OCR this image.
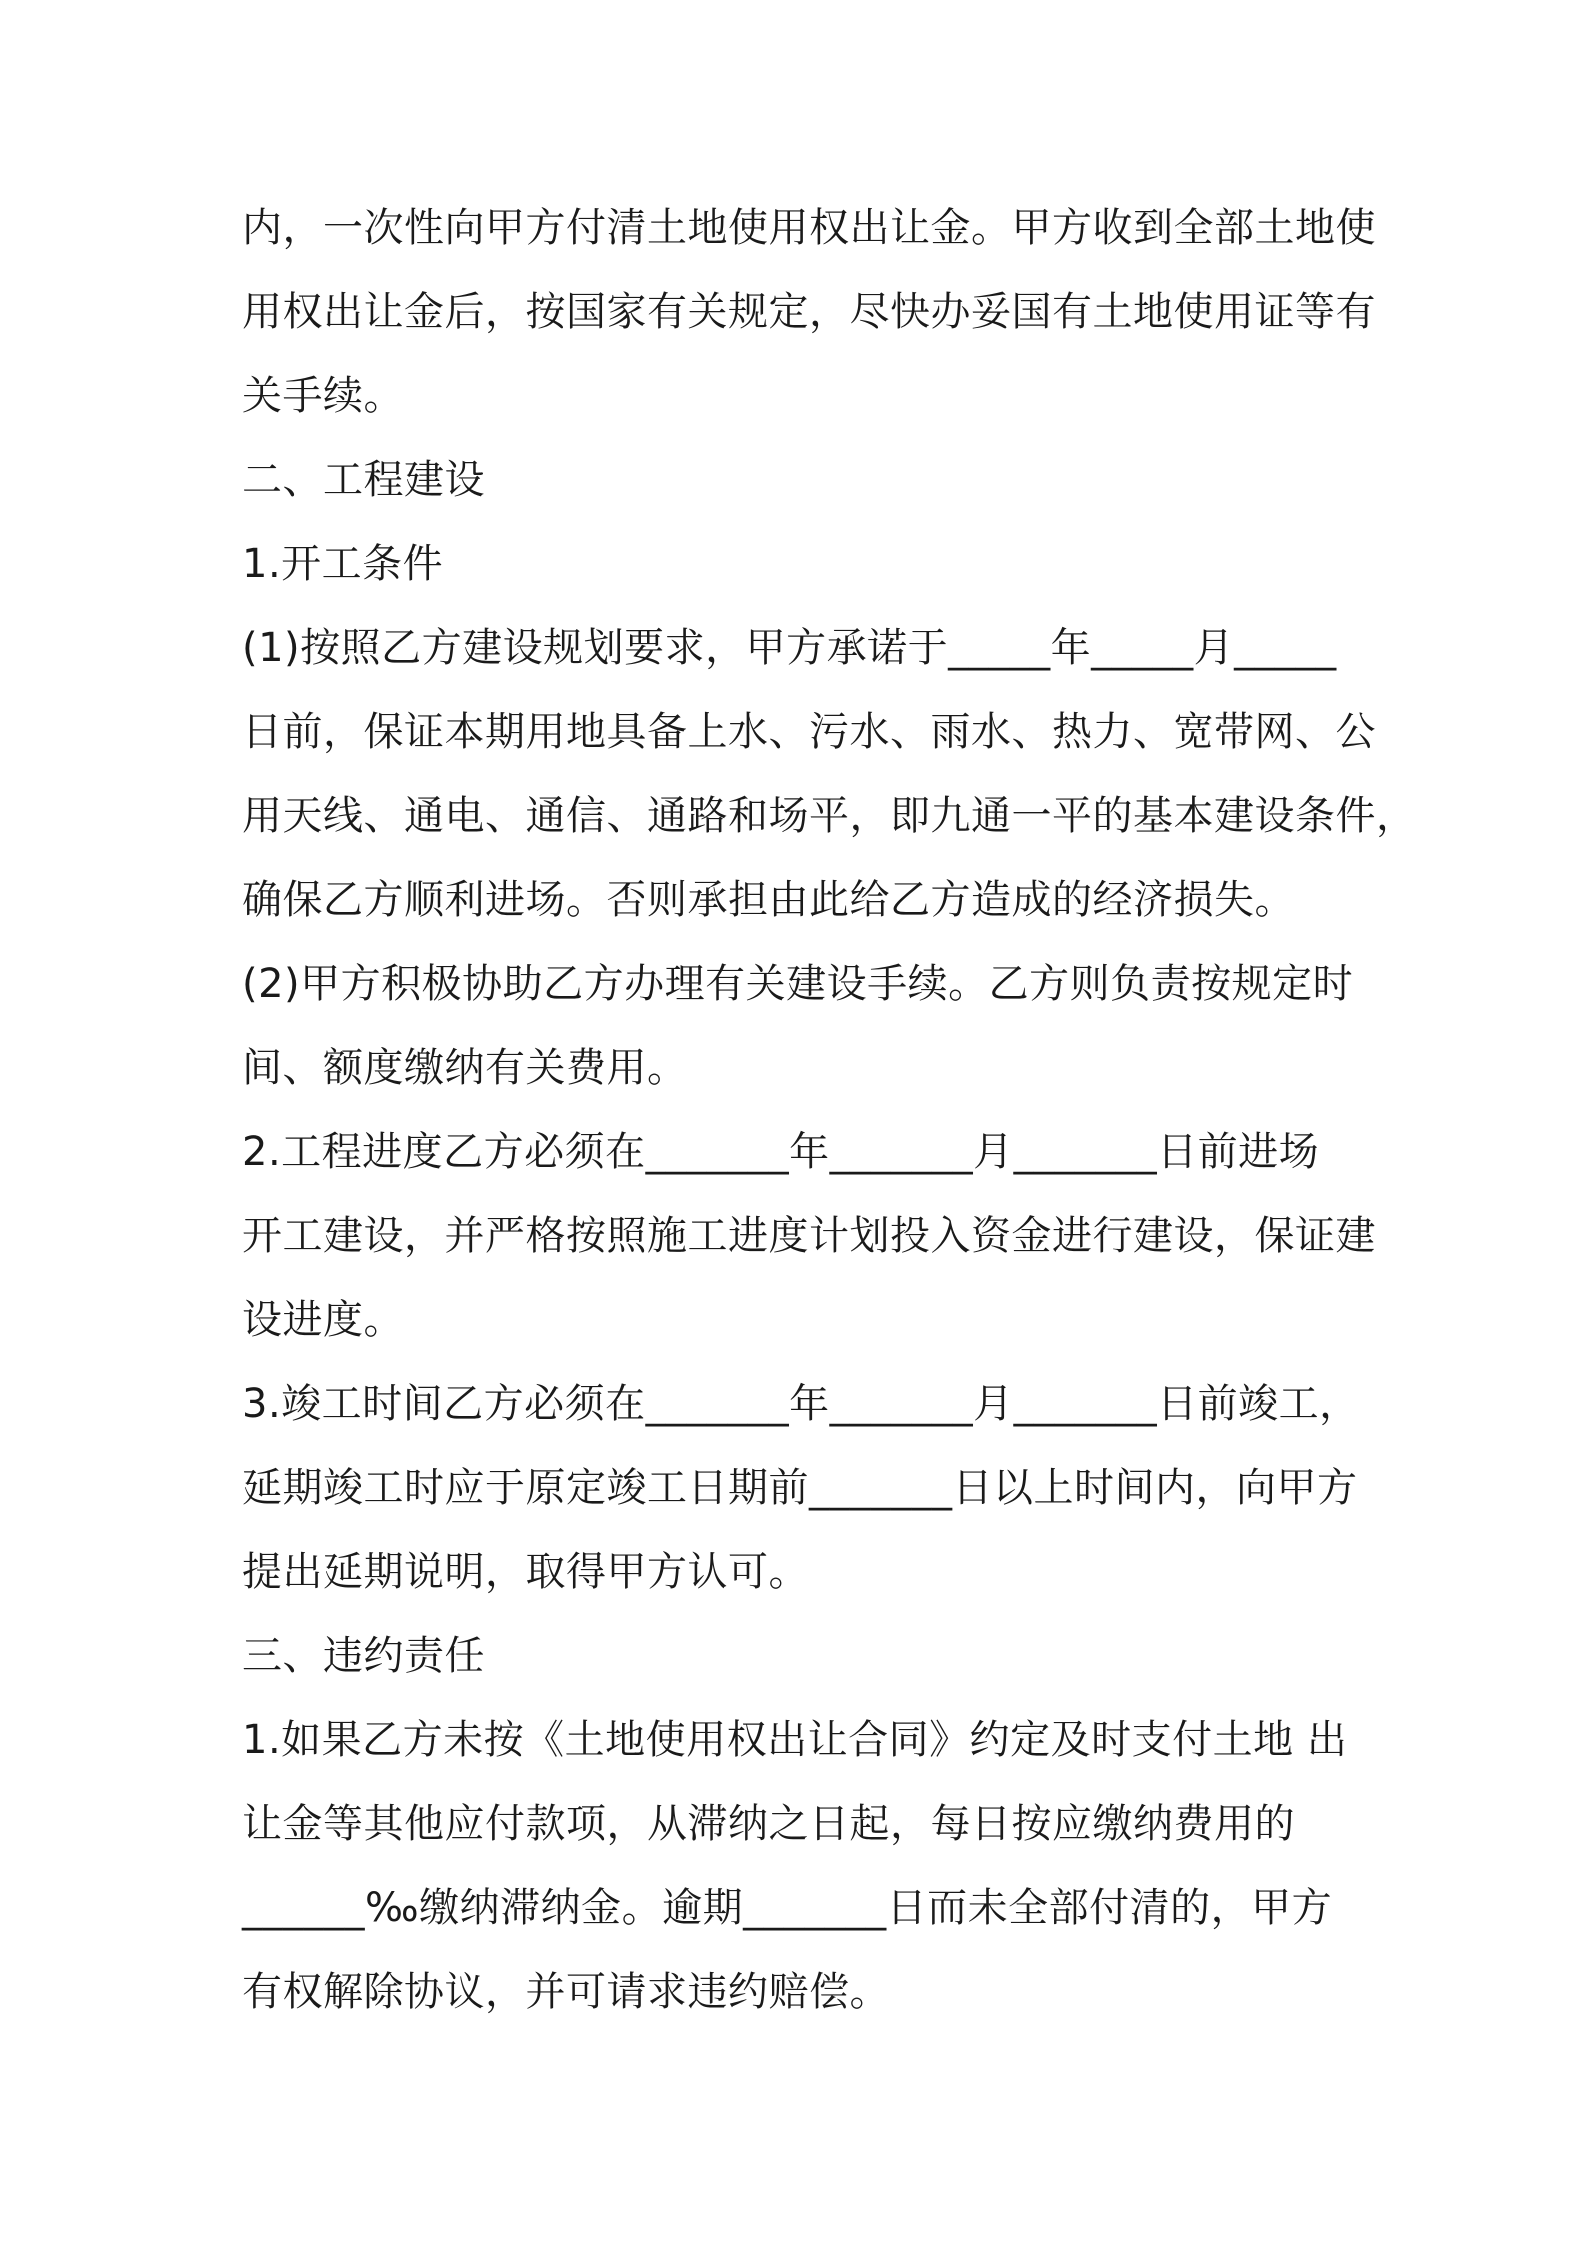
内，一次性向甲方付清土地使用权出让金。甲方收到全部土地使
用权出让金后，按国家有关规定，尽快办妥国有土地使用证等有
关手续。
二、工程建设
1.开工条件
(1)按照乙方建设规划要求，甲方承诺于_____年_____月_____
日前，保证本期用地具备上水、污水、雨水、热力、宽带网、公
用天线、通电、通信、通路和场平，即九通一平的基本建设条件，
确保乙方顺利进场。否则承担由此给乙方造成的经济损失。
(2)甲方积极协助乙方办理有关建设手续。乙方则负责按规定时
间、额度缴纳有关费用。
2.工程进度乙方必须在_______年_______月_______日前进场
开工建设，并严格按照施工进度计划投入资金进行建设，保证建
设进度。
3.竣工时间乙方必须在_______年_______月_______日前竣工，
延期竣工时应于原定竣工日期前_______日以上时间内，向甲方
提出延期说明，取得甲方认可。
三、违约责任
1.如果乙方未按《土地使用权出让合同》约定及时支付土地 出
让金等其他应付款项，从滞纳之日起，每日按应缴纳费用的
______‰缴纳滞纳金。逾期_______日而未全部付清的，甲方
有权解除协议，并可请求违约赔偿。
